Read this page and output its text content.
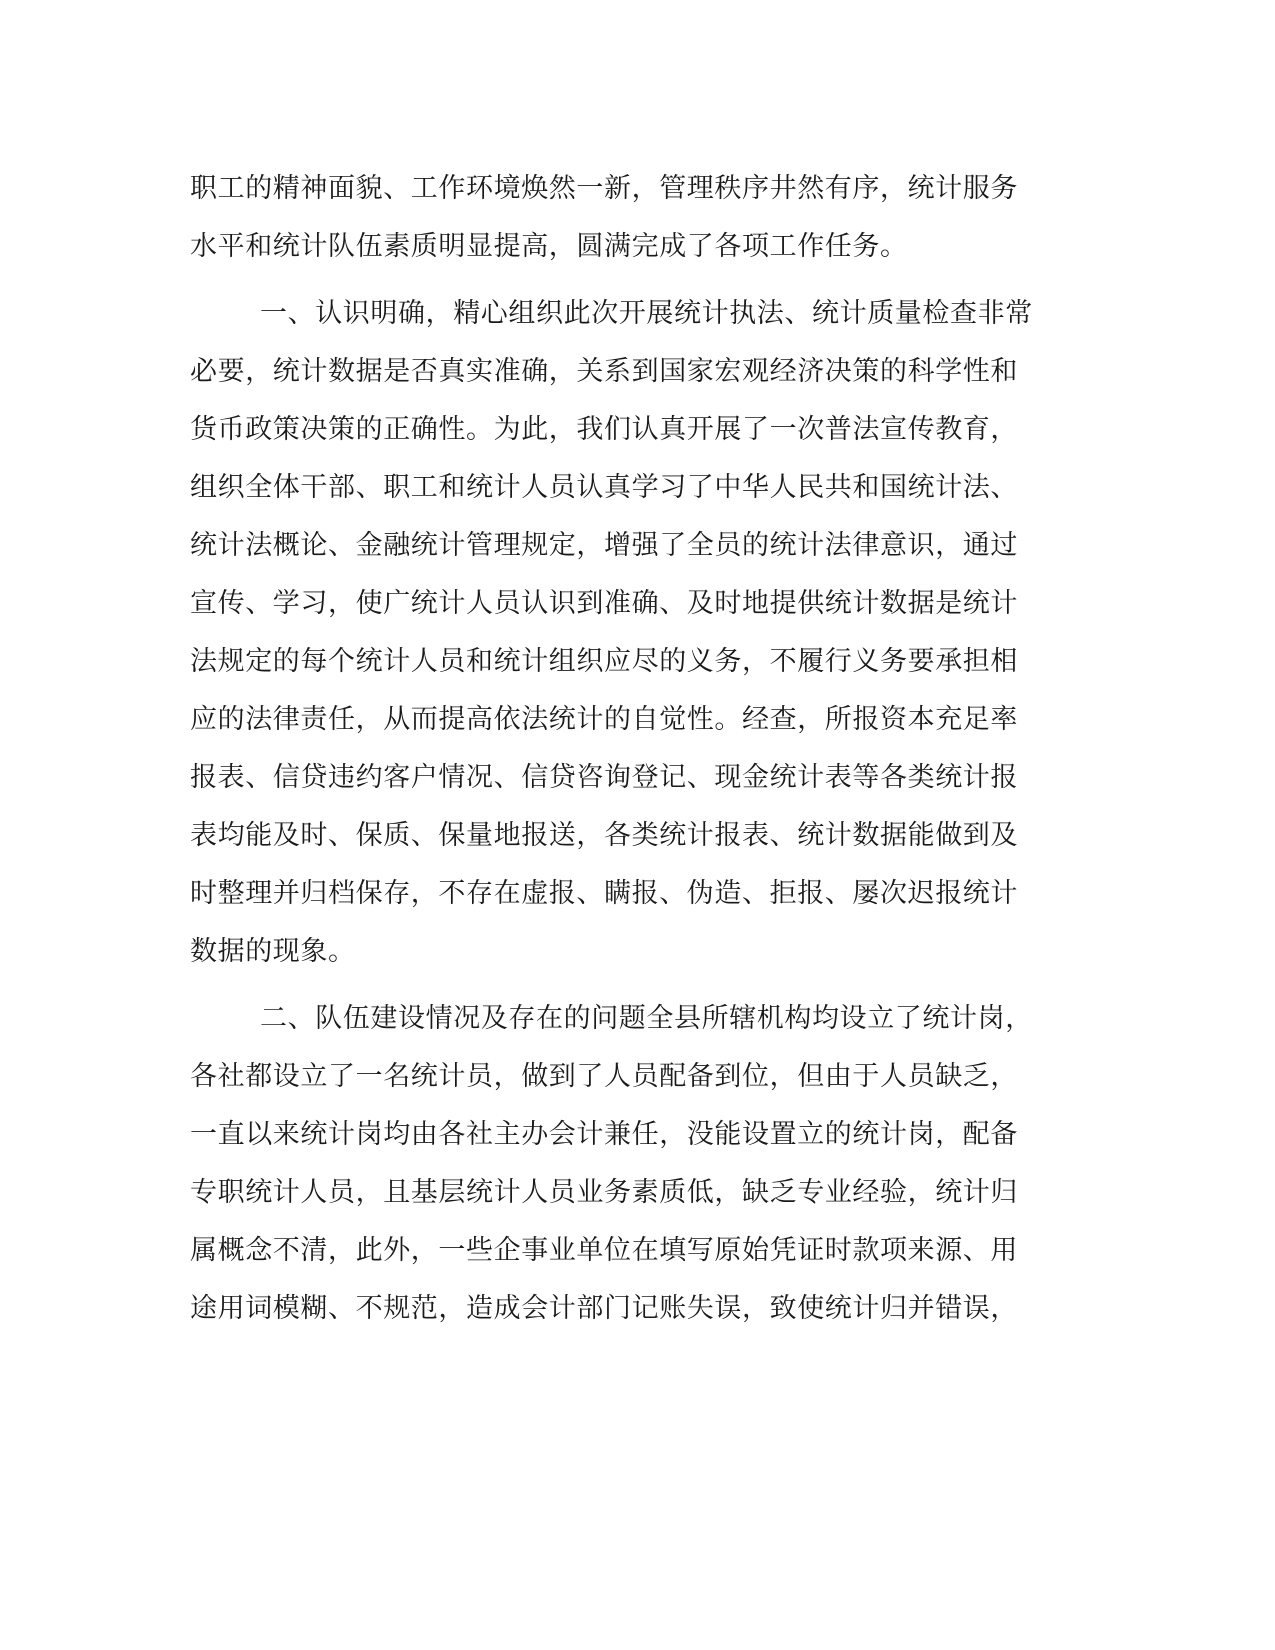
职工的精神面貌、工作环境焕然一新，管理秩序井然有序，统计服务
水平和统计队伍素质明显提高，圆满完成了各项工作任务。
一、认识明确，精心组织此次开展统计执法、统计质量检查非常
必要，统计数据是否真实准确，关系到国家宏观经济决策的科学性和
货币政策决策的正确性。为此，我们认真开展了一次普法宣传教育，
组织全体干部、职工和统计人员认真学习了中华人民共和国统计法、
统计法概论、金融统计管理规定，增强了全员的统计法律意识，通过
宣传、学习，使广统计人员认识到准确、及时地提供统计数据是统计
法规定的每个统计人员和统计组织应尽的义务，不履行义务要承担相
应的法律责任，从而提高依法统计的自觉性。经查，所报资本充足率
报表、信贷违约客户情况、信贷咨询登记、现金统计表等各类统计报
表均能及时、保质、保量地报送，各类统计报表、统计数据能做到及
时整理并归档保存，不存在虚报、瞒报、伪造、拒报、屡次迟报统计
数据的现象。
二、队伍建设情况及存在的问题全县所辖机构均设立了统计岗，
各社都设立了一名统计员，做到了人员配备到位，但由于人员缺乏，
一直以来统计岗均由各社主办会计兼任，没能设置立的统计岗，配备
专职统计人员，且基层统计人员业务素质低，缺乏专业经验，统计归
属概念不清，此外，一些企事业单位在填写原始凭证时款项来源、用
途用词模糊、不规范，造成会计部门记账失误，致使统计归并错误，
